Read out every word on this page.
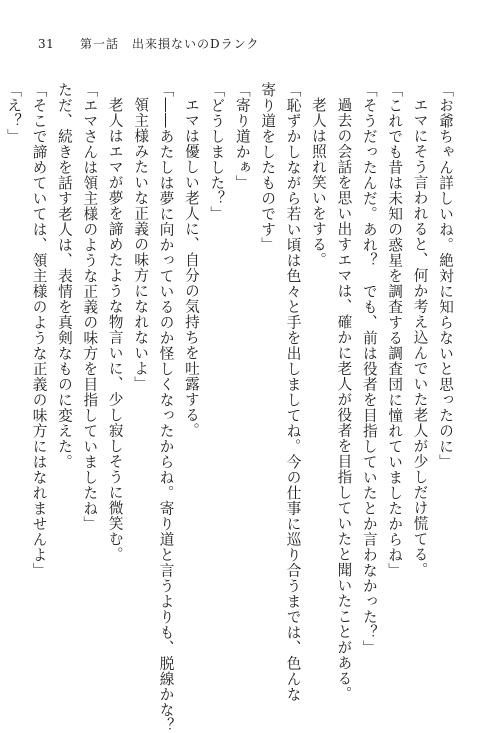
31 第一話　出来損ないのDランク
「お爺ちゃん詳しいね。絶対に知らないと思ったのに」
エマにそう言われると、何か考え込んでいた老人が少しだけ慌てる。
「これでも昔は未知の惑星を調査する調査団に憧れていましたからね」
「そうだったんだ。あれ？　でも、前は役者を目指していたとか言わなかった？」
過去の会話を思い出すエマは、確かに老人が役者を目指していたと聞いたことがある。
老人は照れ笑いをする。
「恥ずかしながら若い頃は色々と手を出しましてね。今の仕事に巡り合うまでは、色んな
寄り道をしたものです」
「寄り道かぁ」
「どうしました？」
エマは優しい老人に、自分の気持ちを吐露する。
「――あたしは夢に向かっているのか怪しくなったからね。寄り道と言うよりも、脱線かな？
領主様みたいな正義の味方になれないよ」
老人はエマが夢を諦めたような物言いに、少し寂しそうに微笑む。
「エマさんは領主様のような正義の味方を目指していましたね」
ただ、続きを話す老人は、表情を真剣なものに変えた。
「そこで諦めていては、領主様のような正義の味方にはなれませんよ」
「え？」
